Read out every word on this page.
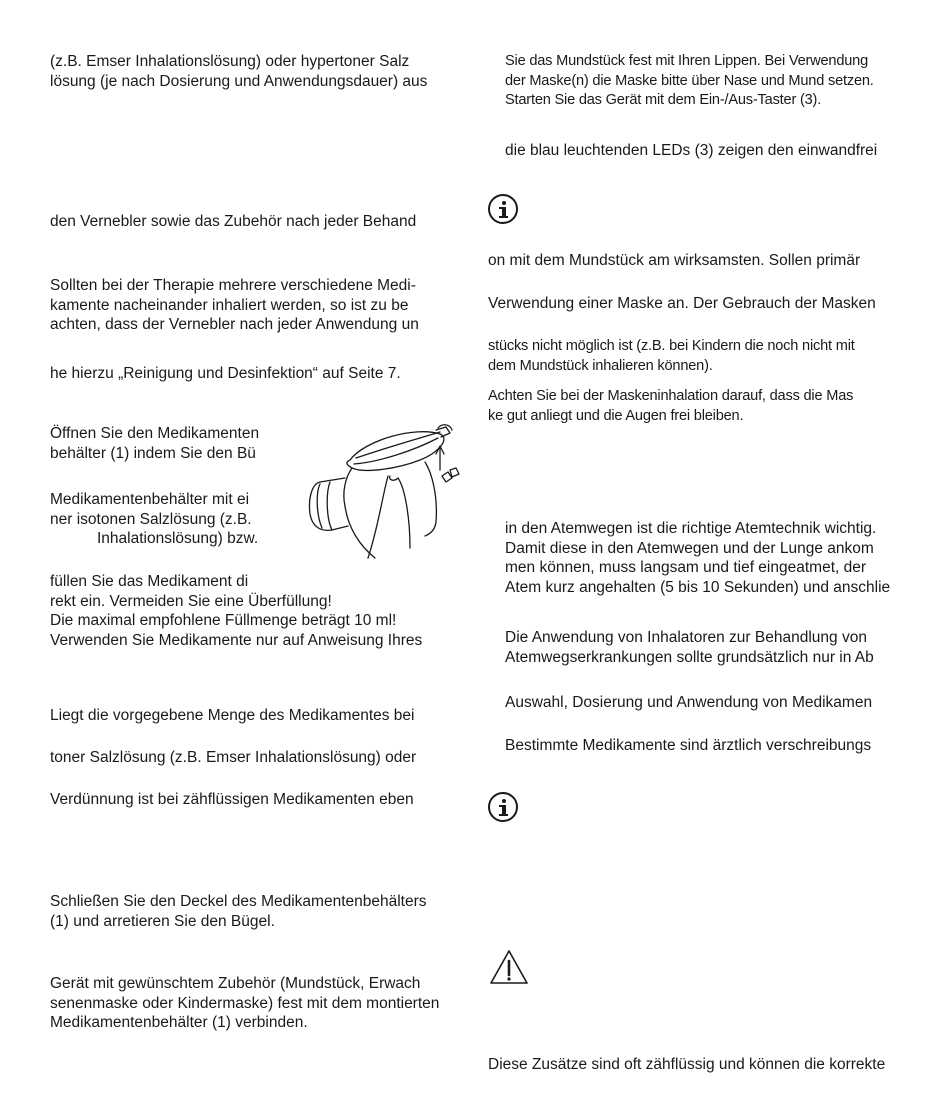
(z.B. Emser Inhalationslösung) oder hypertoner Salz
lösung (je nach Dosierung und Anwendungsdauer) aus
den Vernebler sowie das Zubehör nach jeder Behand
Sollten bei der Therapie mehrere verschiedene Medi-
kamente nacheinander inhaliert werden, so ist zu be
achten, dass der Vernebler nach jeder Anwendung un
he hierzu „Reinigung und Desinfektion“ auf Seite 7.
Öffnen Sie den Medikamenten
behälter (1) indem Sie den Bü
Medikamentenbehälter mit ei
ner isotonen Salzlösung (z.B.
Inhalationslösung) bzw.
füllen Sie das Medikament di
rekt ein. Vermeiden Sie eine Überfüllung!
Die maximal empfohlene Füllmenge beträgt 10 ml!
Verwenden Sie Medikamente nur auf Anweisung Ihres
Liegt die vorgegebene Menge des Medikamentes bei
toner Salzlösung (z.B. Emser Inhalationslösung) oder
Verdünnung ist bei zähflüssigen Medikamenten eben
Schließen Sie den Deckel des Medikamentenbehälters
(1) und arretieren Sie den Bügel.
Gerät mit gewünschtem Zubehör (Mundstück, Erwach
senenmaske oder Kindermaske) fest mit dem montierten
Medikamentenbehälter (1) verbinden.
Sie das Mundstück fest mit Ihren Lippen. Bei Verwendung
der Maske(n) die Maske bitte über Nase und Mund setzen.
Starten Sie das Gerät mit dem Ein-/Aus-Taster (3).
die blau leuchtenden LEDs (3) zeigen den einwandfrei
on mit dem Mundstück am wirksamsten. Sollen primär
Verwendung einer Maske an. Der Gebrauch der Masken
stücks nicht möglich ist (z.B. bei Kindern die noch nicht mit
dem Mundstück inhalieren können).
Achten Sie bei der Maskeninhalation darauf, dass die Mas
ke gut anliegt und die Augen frei bleiben.
in den Atemwegen ist die richtige Atemtechnik wichtig.
Damit diese in den Atemwegen und der Lunge ankom
men können, muss langsam und tief eingeatmet, der
Atem kurz angehalten (5 bis 10 Sekunden) und anschlie
Die Anwendung von Inhalatoren zur Behandlung von
Atemwegserkrankungen sollte grundsätzlich nur in Ab
Auswahl, Dosierung und Anwendung von Medikamen
Bestimmte Medikamente sind ärztlich verschreibungs
Diese Zusätze sind oft zähflüssig und können die korrekte
